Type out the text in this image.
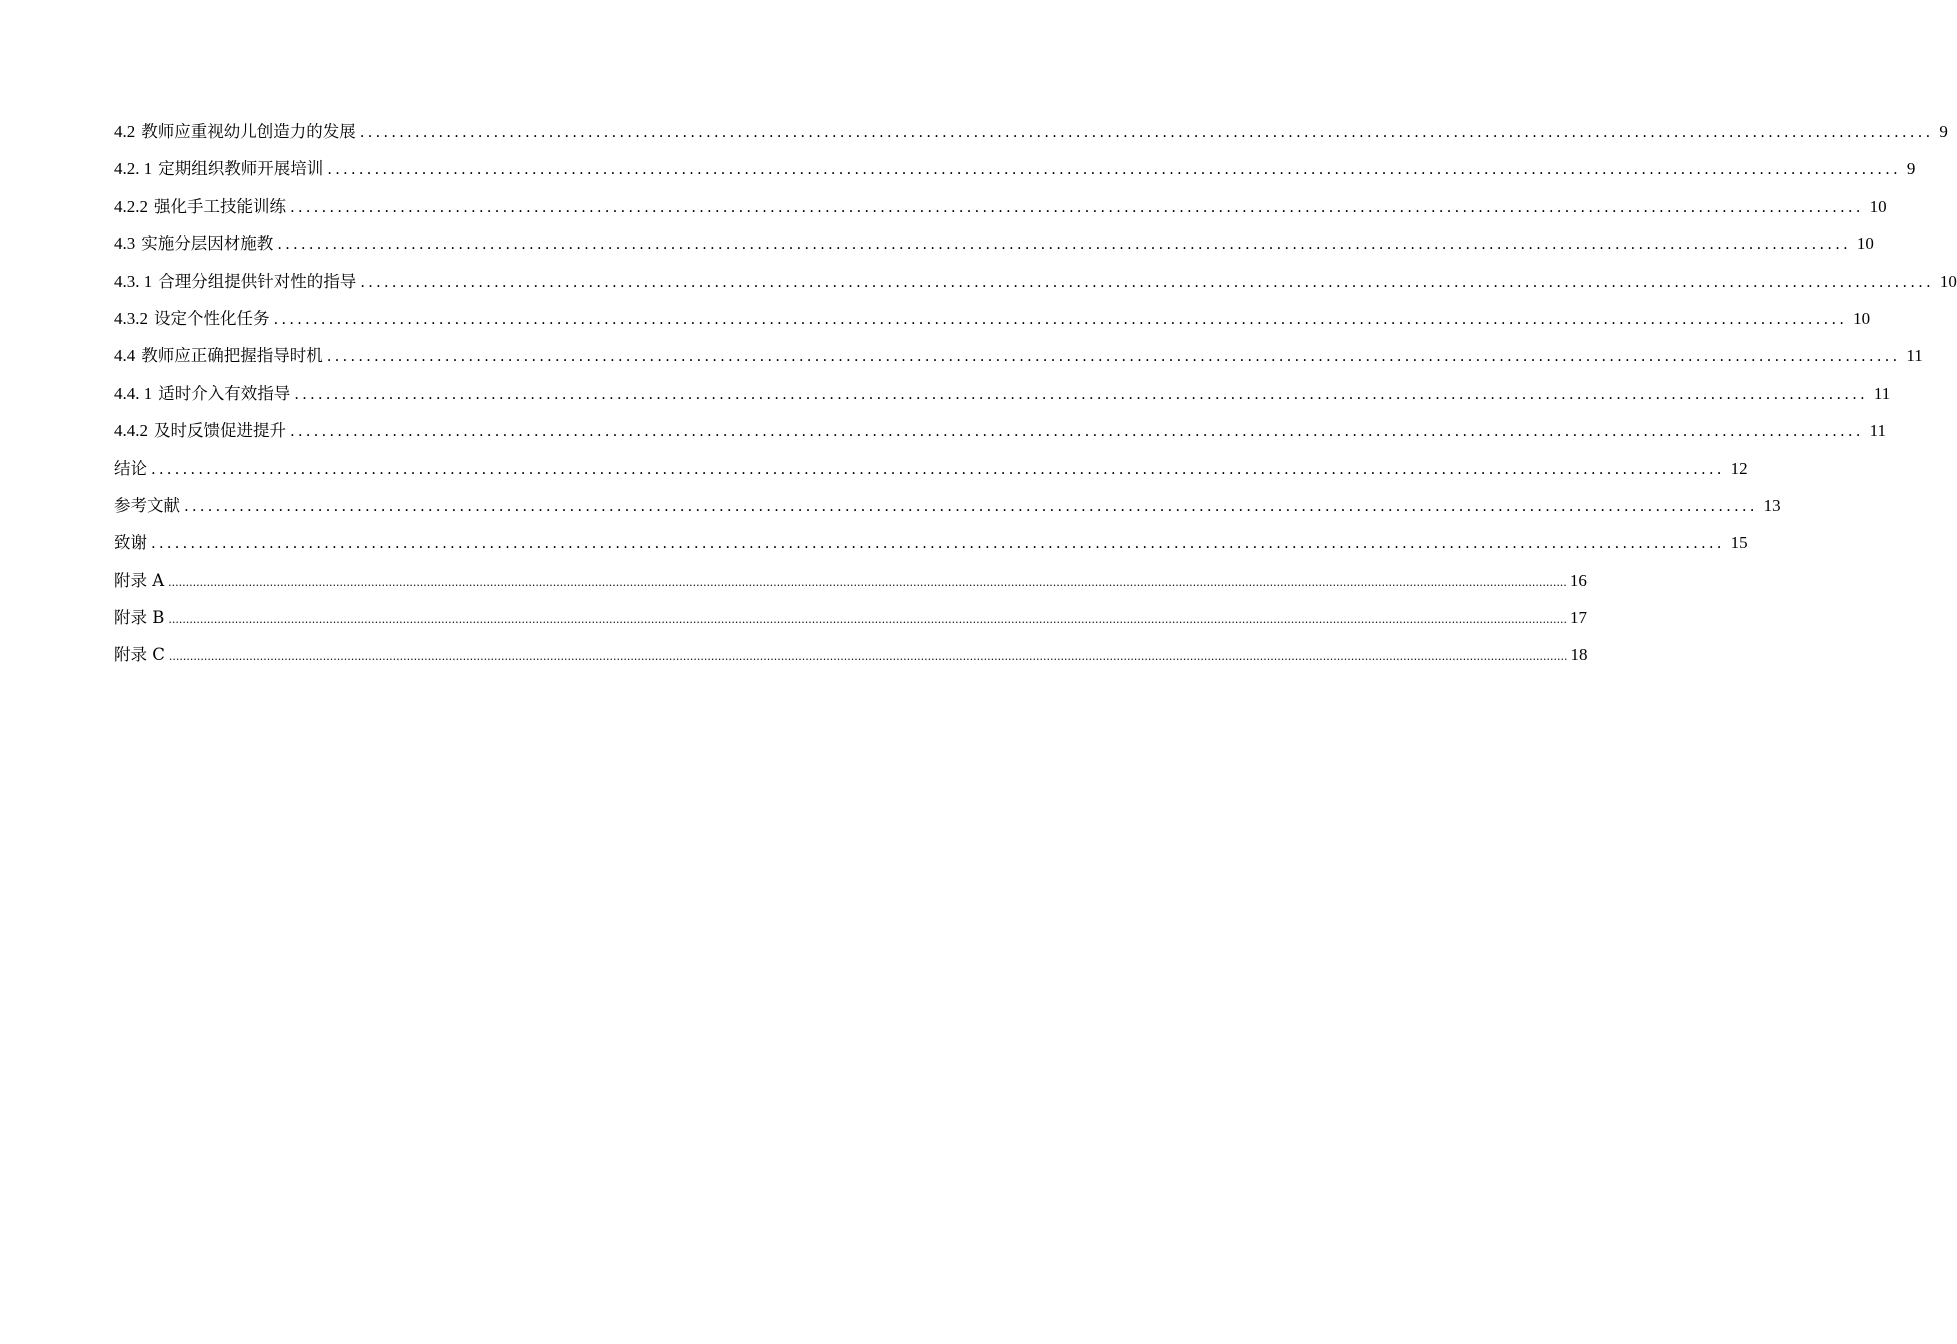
4.2 教师应重视幼儿创造力的发展 ........................................................................................................................................................................................................ 9
4.2. 1 定期组织教师开展培训 ........................................................................................................................................................................................................ 9
4.2.2 强化手工技能训练 ........................................................................................................................................................................................................ 10
4.3 实施分层因材施教 ........................................................................................................................................................................................................ 10
4.3. 1 合理分组提供针对性的指导 ........................................................................................................................................................................................................ 10
4.3.2 设定个性化任务 ........................................................................................................................................................................................................ 10
4.4 教师应正确把握指导时机 ........................................................................................................................................................................................................ 11
4.4. 1 适时介入有效指导 ........................................................................................................................................................................................................ 11
4.4.2 及时反馈促进提升 ........................................................................................................................................................................................................ 11
结论 ........................................................................................................................................................................................................ 12
参考文献 ........................................................................................................................................................................................................ 13
致谢 ........................................................................................................................................................................................................ 15
附录 A ................................................................................................................................................................................................................................................................................................................................................................................................................ 16
附录 B ................................................................................................................................................................................................................................................................................................................................................................................................................ 17
附录 C ................................................................................................................................................................................................................................................................................................................................................................................................................ 18
